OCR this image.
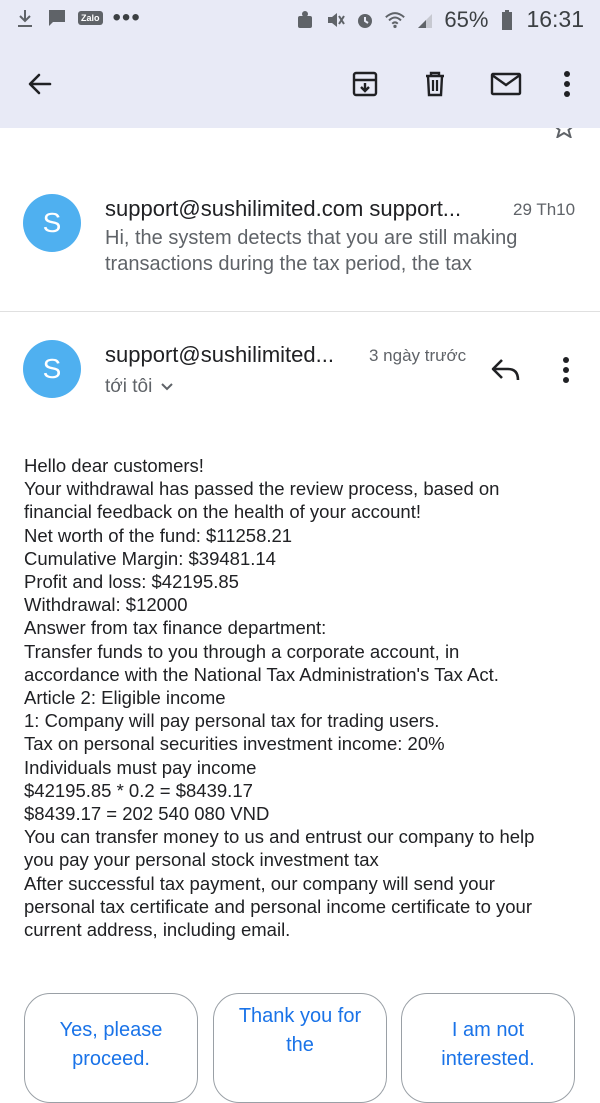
Zalo •••	65% 16:31
S	support@sushilimited.com support...	29 Th10
Hi, the system detects that you are still making
transactions during the tax period, the tax
S	support@sushilimited... 3 ngày trước
tới tôi
Hello dear customers!
Your withdrawal has passed the review process, based on
financial feedback on the health of your account!
Net worth of the fund: $11258.21
Cumulative Margin: $39481.14
Profit and loss: $42195.85
Withdrawal: $12000
Answer from tax finance department:
Transfer funds to you through a corporate account, in
accordance with the National Tax Administration's Tax Act.
Article 2: Eligible income
1: Company will pay personal tax for trading users.
Tax on personal securities investment income: 20%
Individuals must pay income
$42195.85 * 0.2 = $8439.17
$8439.17 = 202 540 080 VND
You can transfer money to us and entrust our company to help
you pay your personal stock investment tax
After successful tax payment, our company will send your
personal tax certificate and personal income certificate to your
current address, including email.
Yes, please
proceed.
Thank you for
the
I am not
interested.
